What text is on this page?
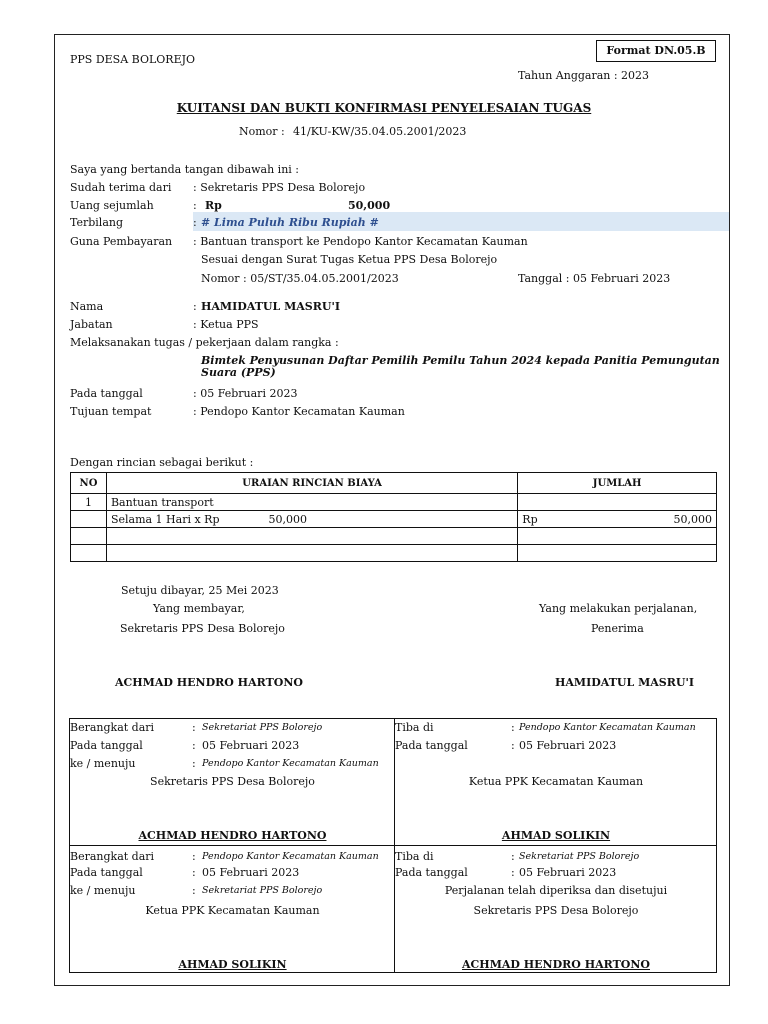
PPS DESA BOLOREJO
Format DN.05.B
Tahun Anggaran : 2023
KUITANSI DAN BUKTI KONFIRMASI PENYELESAIAN TUGAS
Nomor : 41/KU-KW/35.04.05.2001/2023
Saya yang bertanda tangan dibawah ini :
Sudah terima dari : Sekretaris PPS Desa Bolorejo
Uang sejumlah	: Rp	50,000
Terbilang	: # Lima Puluh Ribu Rupiah #
Guna Pembayaran : Bantuan transport ke Pendopo Kantor Kecamatan Kauman
Sesuai dengan Surat Tugas Ketua PPS Desa Bolorejo
Nomor : 05/ST/35.04.05.2001/2023	Tanggal : 05 Februari 2023
Nama	: HAMIDATUL MASRU'I
Jabatan	: Ketua PPS
Melaksanakan tugas / pekerjaan dalam rangka :
Bimtek Penyusunan Daftar Pemilih Pemilu Tahun 2024 kepada Panitia Pemungutan Suara (PPS)
Pada tanggal	: 05 Februari 2023
Tujuan tempat	: Pendopo Kantor Kecamatan Kauman
Dengan rincian sebagai berikut :
NO	URAIAN RINCIAN BIAYA	JUMLAH
1	Bantuan transport	
	Selama 1 Hari x Rp 50,000	Rp 50,000

Setuju dibayar, 25 Mei 2023
Yang membayar,
Sekretaris PPS Desa Bolorejo
ACHMAD HENDRO HARTONO
Yang melakukan perjalanan,
Penerima
HAMIDATUL MASRU'I
Berangkat dari	: Sekretariat PPS Bolorejo
Pada tanggal	: 05 Februari 2023
ke / menuju	: Pendopo Kantor Kecamatan Kauman
Sekretaris PPS Desa Bolorejo
ACHMAD HENDRO HARTONO
Tiba di	: Pendopo Kantor Kecamatan Kauman
Pada tanggal	: 05 Februari 2023
Ketua PPK Kecamatan Kauman
AHMAD SOLIKIN
Berangkat dari	: Pendopo Kantor Kecamatan Kauman
Pada tanggal	: 05 Februari 2023
ke / menuju	: Sekretariat PPS Bolorejo
Ketua PPK Kecamatan Kauman
AHMAD SOLIKIN
Tiba di	: Sekretariat PPS Bolorejo
Pada tanggal	: 05 Februari 2023
Perjalanan telah diperiksa dan disetujui
Sekretaris PPS Desa Bolorejo
ACHMAD HENDRO HARTONO
